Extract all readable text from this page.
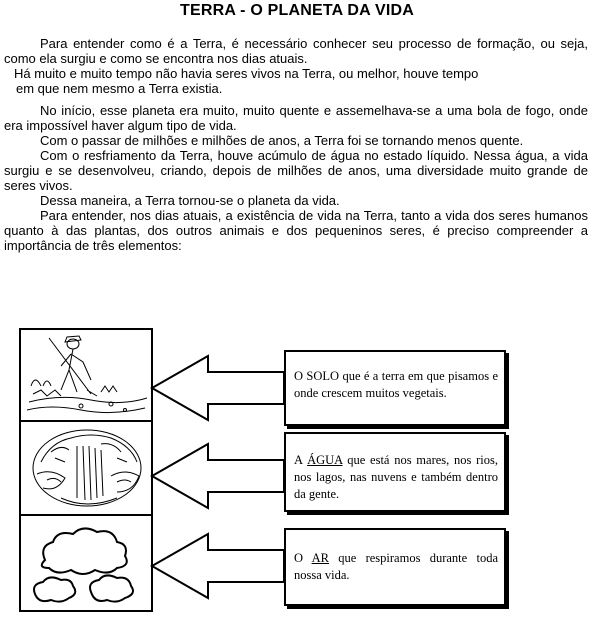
TERRA - O PLANETA DA VIDA

Para entender como é a Terra, é necessário conhecer seu processo de formação, ou seja, como ela surgiu e como se encontra nos dias atuais.

Há muito e muito tempo não havia seres vivos na Terra, ou melhor, houve tempo

em que nem mesmo a Terra existia.

No início, esse planeta era muito, muito quente e assemelhava-se a uma bola de fogo, onde era impossível haver algum tipo de vida.

Com o passar de milhões e milhões de anos, a Terra foi se tornando menos quente.

Com o resfriamento da Terra, houve acúmulo de água no estado líquido. Nessa água, a vida surgiu e se desenvolveu, criando, depois de milhões de anos, uma diversidade muito grande de seres vivos.

Dessa maneira, a Terra tornou-se o planeta da vida.

Para entender, nos dias atuais, a existência de vida na Terra, tanto a vida dos seres humanos quanto à das plantas, dos outros animais e dos pequeninos seres, é preciso compreender a importância de três elementos:

O SOLO que é a terra em que pisamos e onde crescem muitos vegetais.
A ÁGUA que está nos mares, nos rios, nos lagos, nas nuvens e também dentro da gente.
O AR que respiramos durante toda nossa vida.
